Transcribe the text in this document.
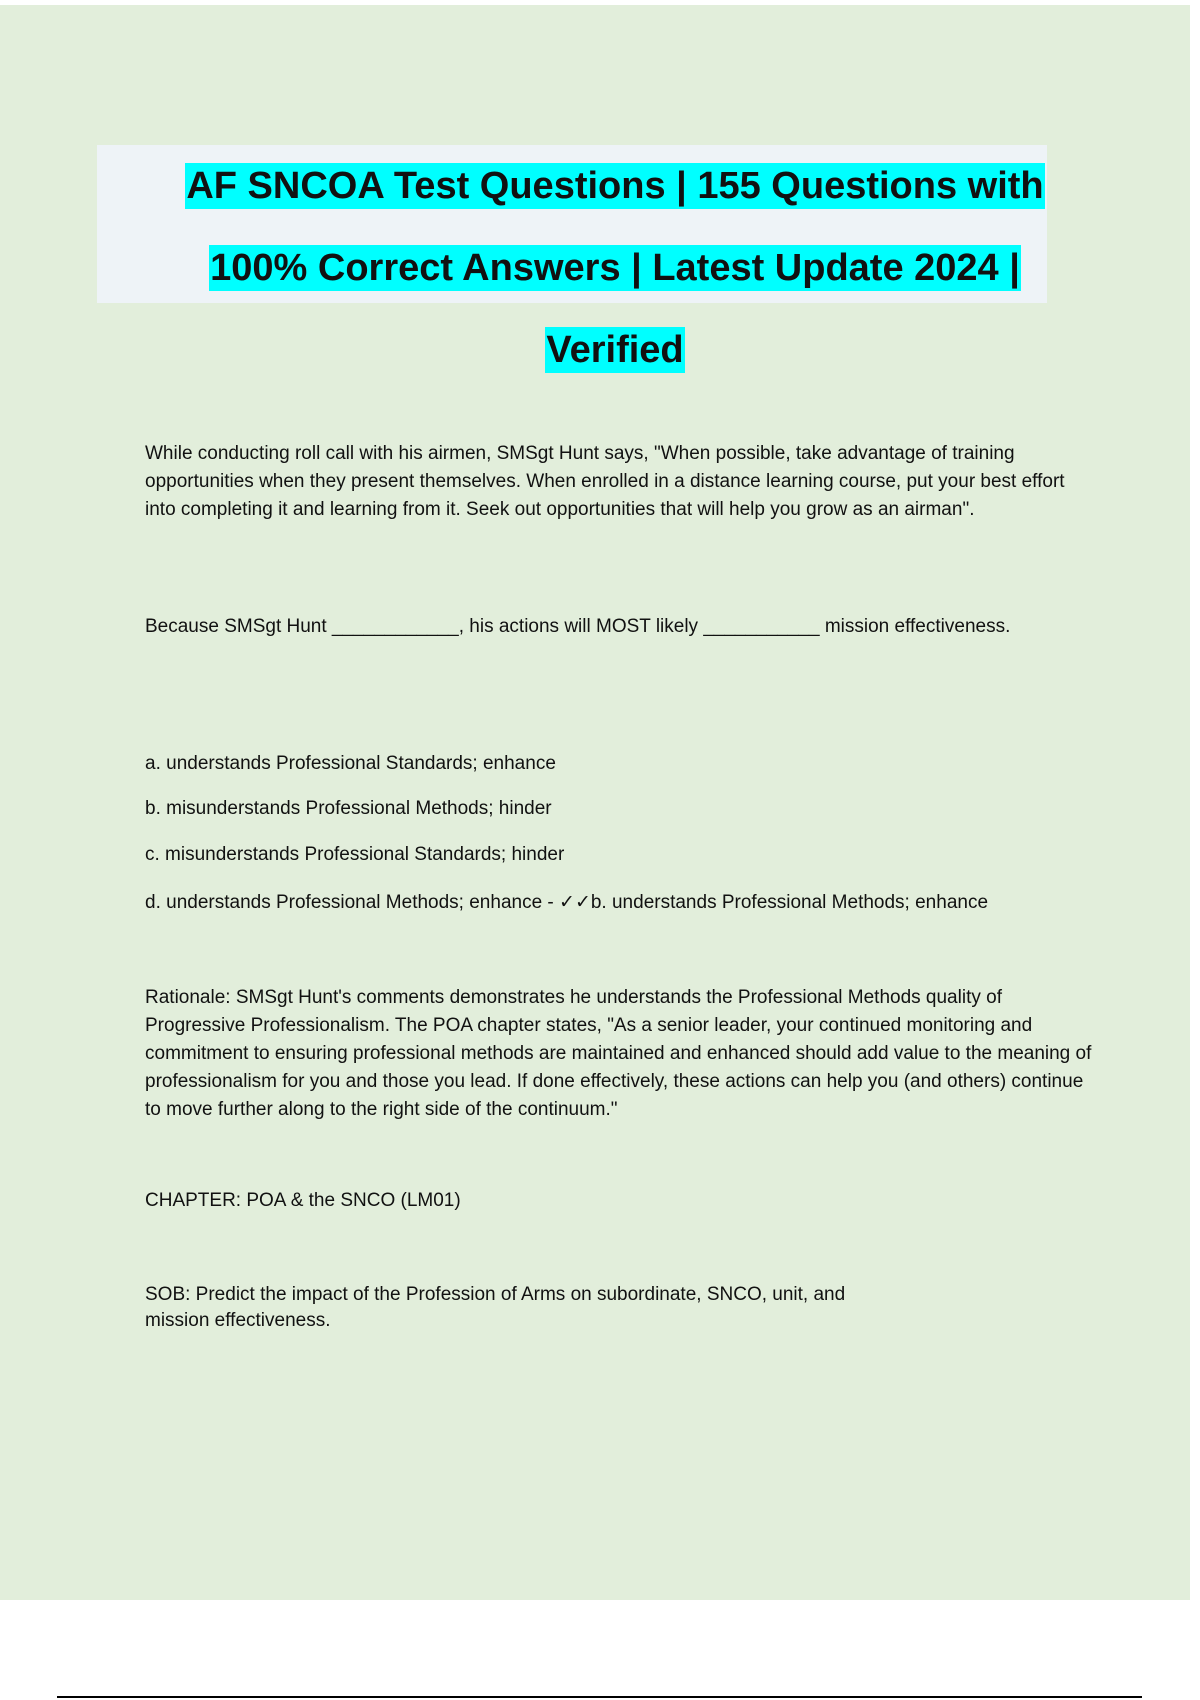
AF SNCOA Test Questions | 155 Questions with
100% Correct Answers | Latest Update 2024 |
Verified

While conducting roll call with his airmen, SMSgt Hunt says, "When possible, take advantage of training opportunities when they present themselves. When enrolled in a distance learning course, put your best effort into completing it and learning from it. Seek out opportunities that will help you grow as an airman".

Because SMSgt Hunt ____________, his actions will MOST likely ___________ mission effectiveness.

a. understands Professional Standards; enhance

b. misunderstands Professional Methods; hinder

c. misunderstands Professional Standards; hinder

d. understands Professional Methods; enhance - ✓✓b. understands Professional Methods; enhance

Rationale: SMSgt Hunt's comments demonstrates he understands the Professional Methods quality of Progressive Professionalism. The POA chapter states, "As a senior leader, your continued monitoring and commitment to ensuring professional methods are maintained and enhanced should add value to the meaning of professionalism for you and those you lead. If done effectively, these actions can help you (and others) continue to move further along to the right side of the continuum."

CHAPTER: POA & the SNCO (LM01)

SOB: Predict the impact of the Profession of Arms on subordinate, SNCO, unit, and
mission effectiveness.
